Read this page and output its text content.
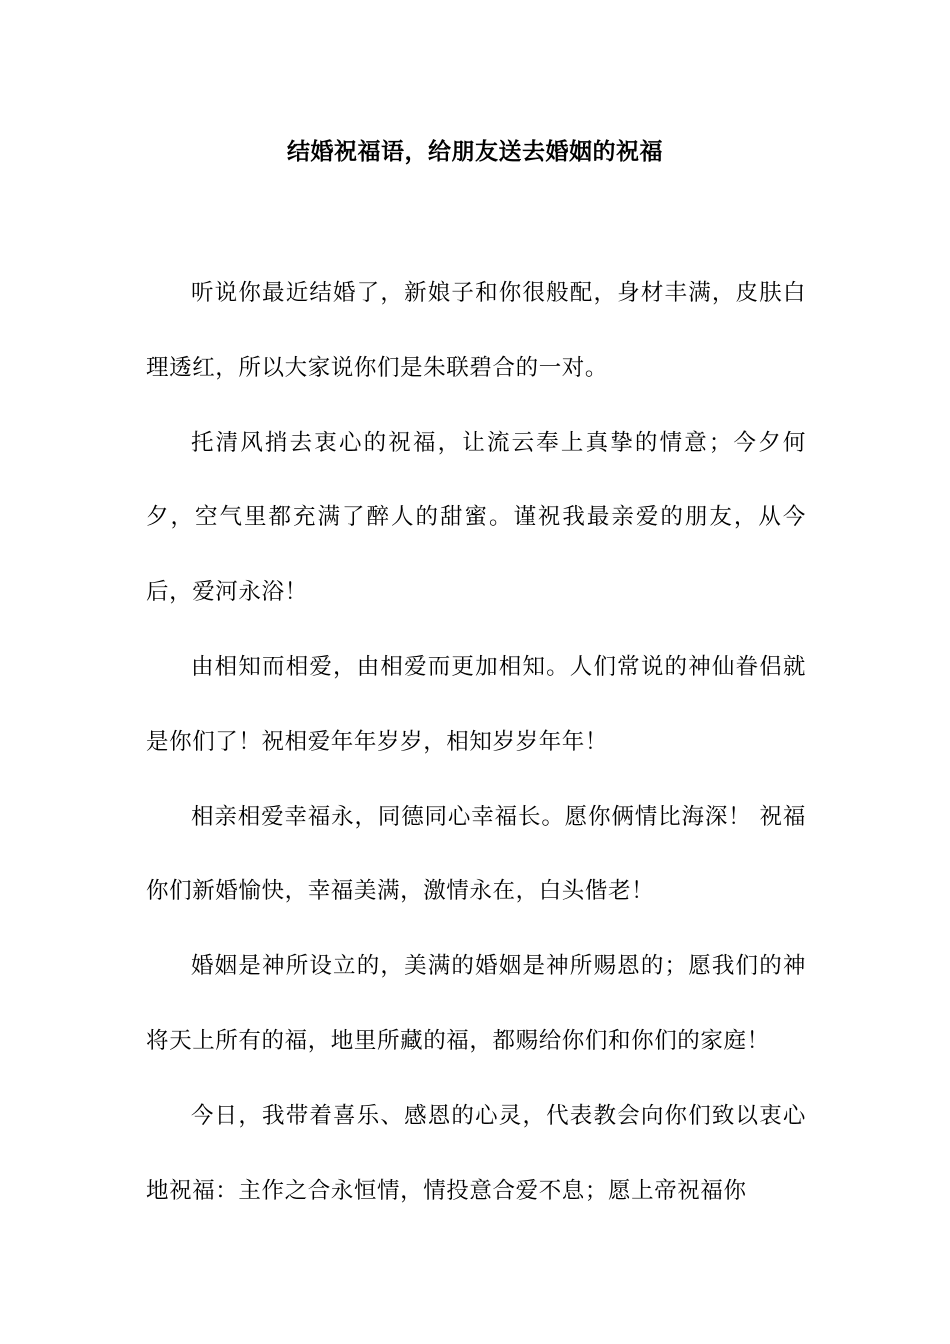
结婚祝福语，给朋友送去婚姻的祝福

听说你最近结婚了，新娘子和你很般配，身材丰满，皮肤白理透红，所以大家说你们是朱联碧合的一对。

托清风捎去衷心的祝福，让流云奉上真挚的情意；今夕何夕，空气里都充满了醉人的甜蜜。谨祝我最亲爱的朋友，从今后，爱河永浴！

由相知而相爱，由相爱而更加相知。人们常说的神仙眷侣就是你们了！祝相爱年年岁岁，相知岁岁年年！

相亲相爱幸福永，同德同心幸福长。愿你俩情比海深！ 祝福你们新婚愉快，幸福美满，激情永在，白头偕老！

婚姻是神所设立的，美满的婚姻是神所赐恩的；愿我们的神将天上所有的福，地里所藏的福，都赐给你们和你们的家庭！

今日，我带着喜乐、感恩的心灵，代表教会向你们致以衷心地祝福：主作之合永恒情，情投意合爱不息；愿上帝祝福你
